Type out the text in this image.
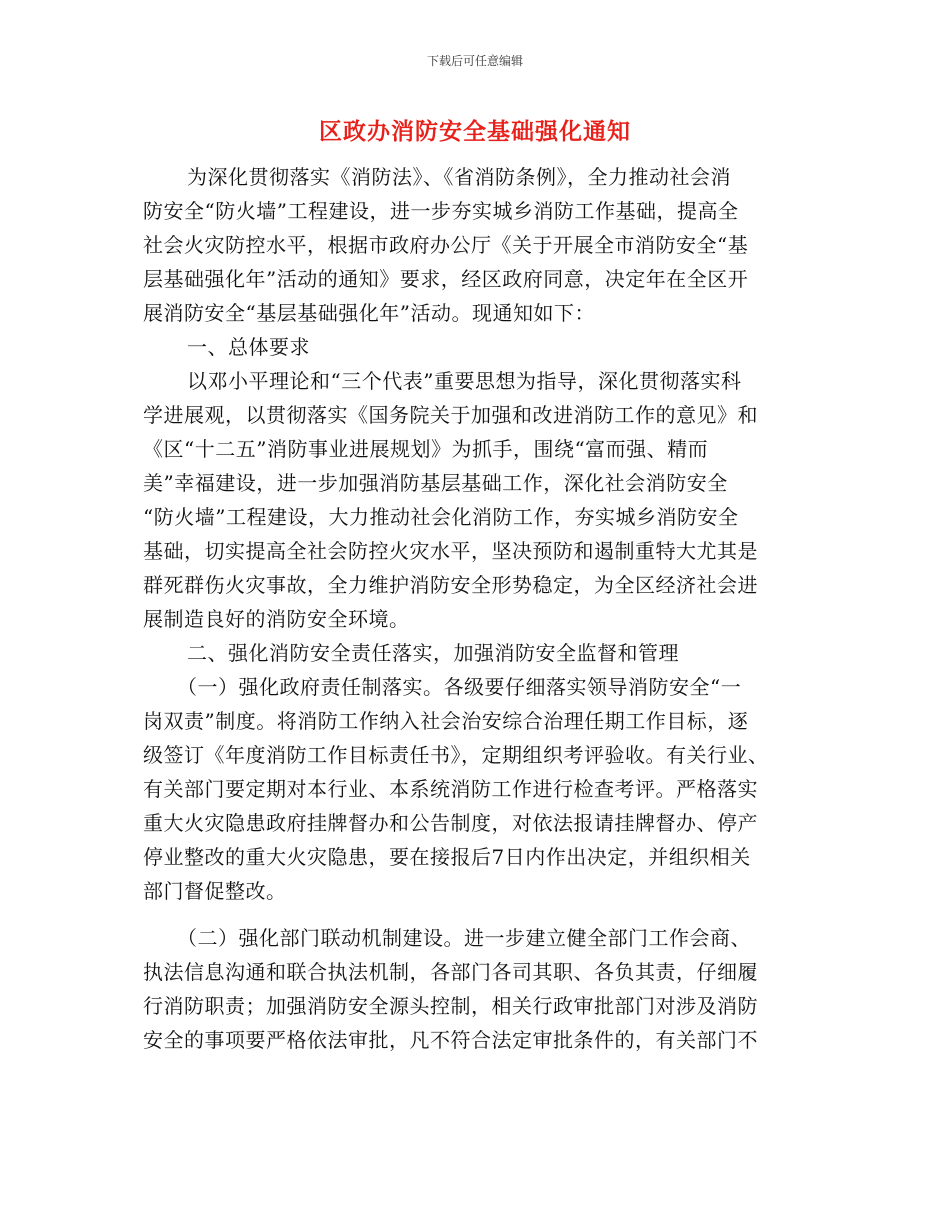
下载后可任意编辑
区政办消防安全基础强化通知
为深化贯彻落实《消防法》、《省消防条例》，全力推动社会消
防安全“防火墙”工程建设，进一步夯实城乡消防工作基础，提高全
社会火灾防控水平，根据市政府办公厅《关于开展全市消防安全“基
层基础强化年”活动的通知》要求，经区政府同意，决定年在全区开
展消防安全“基层基础强化年”活动。现通知如下：
一、总体要求
以邓小平理论和“三个代表”重要思想为指导，深化贯彻落实科
学进展观，以贯彻落实《国务院关于加强和改进消防工作的意见》和
《区“十二五”消防事业进展规划》为抓手，围绕“富而强、精而
美”幸福建设，进一步加强消防基层基础工作，深化社会消防安全
“防火墙”工程建设，大力推动社会化消防工作，夯实城乡消防安全
基础，切实提高全社会防控火灾水平，坚决预防和遏制重特大尤其是
群死群伤火灾事故，全力维护消防安全形势稳定，为全区经济社会进
展制造良好的消防安全环境。
二、强化消防安全责任落实，加强消防安全监督和管理
（一）强化政府责任制落实。各级要仔细落实领导消防安全“一
岗双责”制度。将消防工作纳入社会治安综合治理任期工作目标，逐
级签订《年度消防工作目标责任书》，定期组织考评验收。有关行业、
有关部门要定期对本行业、本系统消防工作进行检查考评。严格落实
重大火灾隐患政府挂牌督办和公告制度，对依法报请挂牌督办、停产
停业整改的重大火灾隐患，要在接报后7日内作出决定，并组织相关
部门督促整改。
（二）强化部门联动机制建设。进一步建立健全部门工作会商、
执法信息沟通和联合执法机制，各部门各司其职、各负其责，仔细履
行消防职责；加强消防安全源头控制，相关行政审批部门对涉及消防
安全的事项要严格依法审批，凡不符合法定审批条件的，有关部门不
